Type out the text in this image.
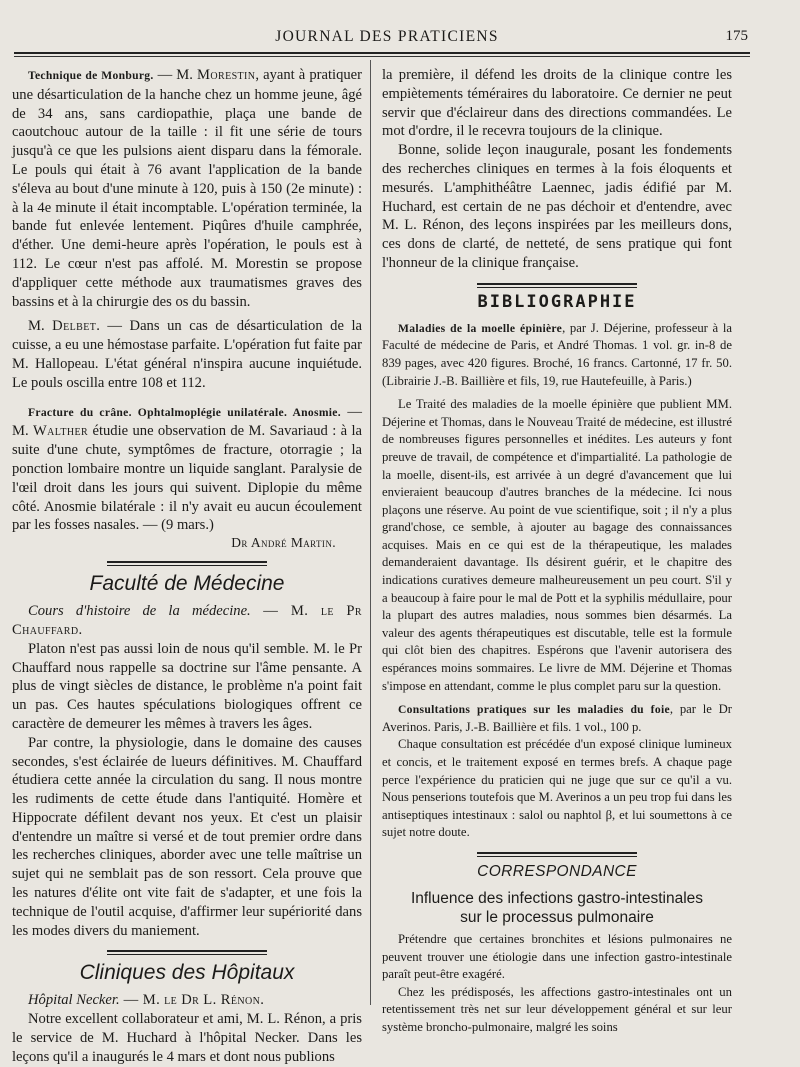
JOURNAL DES PRATICIENS	175

Technique de Monburg. — M. Morestin, ayant à pratiquer une désarticulation de la hanche chez un homme jeune, âgé de 34 ans, sans cardiopathie, plaça une bande de caoutchouc autour de la taille : il fit une série de tours jusqu'à ce que les pulsions aient disparu dans la fémorale. Le pouls qui était à 76 avant l'application de la bande s'éleva au bout d'une minute à 120, puis à 150 (2e minute) : à la 4e minute il était incomptable. L'opération terminée, la bande fut enlevée lentement. Piqûres d'huile camphrée, d'éther. Une demi-heure après l'opération, le pouls est à 112. Le cœur n'est pas affolé. M. Morestin se propose d'appliquer cette méthode aux traumatismes graves des bassins et à la chirurgie des os du bassin.

M. Delbet. — Dans un cas de désarticulation de la cuisse, a eu une hémostase parfaite. L'opération fut faite par M. Hallopeau. L'état général n'inspira aucune inquiétude. Le pouls oscilla entre 108 et 112.

Fracture du crâne. Ophtalmoplégie unilatérale. Anosmie. — M. Walther étudie une observation de M. Savariaud : à la suite d'une chute, symptômes de fracture, otorragie ; la ponction lombaire montre un liquide sanglant. Paralysie de l'œil droit dans les jours qui suivent. Diplopie du même côté. Anosmie bilatérale : il n'y avait eu aucun écoulement par les fosses nasales. — (9 mars.)

Dr André Martin.

Faculté de Médecine

Cours d'histoire de la médecine. — M. le Pr Chauffard.

Platon n'est pas aussi loin de nous qu'il semble. M. le Pr Chauffard nous rappelle sa doctrine sur l'âme pensante. A plus de vingt siècles de distance, le problème n'a point fait un pas. Ces hautes spéculations biologiques offrent ce caractère de demeurer les mêmes à travers les âges.

Par contre, la physiologie, dans le domaine des causes secondes, s'est éclairée de lueurs définitives. M. Chauffard étudiera cette année la circulation du sang. Il nous montre les rudiments de cette étude dans l'antiquité. Homère et Hippocrate défilent devant nos yeux. Et c'est un plaisir d'entendre un maître si versé et de tout premier ordre dans les recherches cliniques, aborder avec une telle maîtrise un sujet qui ne semblait pas de son ressort. Cela prouve que les natures d'élite ont vite fait de s'adapter, et une fois la technique de l'outil acquise, d'affirmer leur supériorité dans les modes divers du maniement.

Cliniques des Hôpitaux

Hôpital Necker. — M. le Dr L. Rénon.

Notre excellent collaborateur et ami, M. L. Rénon, a pris le service de M. Huchard à l'hôpital Necker. Dans les leçons qu'il a inaugurés le 4 mars et dont nous publions

la première, il défend les droits de la clinique contre les empiètements téméraires du laboratoire. Ce dernier ne peut servir que d'éclaireur dans des directions commandées. Le mot d'ordre, il le recevra toujours de la clinique.

Bonne, solide leçon inaugurale, posant les fondements des recherches cliniques en termes à la fois éloquents et mesurés. L'amphithéâtre Laennec, jadis édifié par M. Huchard, est certain de ne pas déchoir et d'entendre, avec M. L. Rénon, des leçons inspirées par les meilleurs dons, ces dons de clarté, de netteté, de sens pratique qui font l'honneur de la clinique française.

BIBLIOGRAPHIE

Maladies de la moelle épinière, par J. Déjerine, professeur à la Faculté de médecine de Paris, et André Thomas. 1 vol. gr. in-8 de 839 pages, avec 420 figures. Broché, 16 francs. Cartonné, 17 fr. 50. (Librairie J.-B. Baillière et fils, 19, rue Hautefeuille, à Paris.)

Le Traité des maladies de la moelle épinière que publient MM. Déjerine et Thomas, dans le Nouveau Traité de médecine, est illustré de nombreuses figures personnelles et inédites. Les auteurs y font preuve de travail, de compétence et d'impartialité. La pathologie de la moelle, disent-ils, est arrivée à un degré d'avancement que lui envieraient beaucoup d'autres branches de la médecine. Ici nous plaçons une réserve. Au point de vue scientifique, soit ; il n'y a plus grand'chose, ce semble, à ajouter au bagage des connaissances acquises. Mais en ce qui est de la thérapeutique, les malades demanderaient davantage. Ils désirent guérir, et le chapitre des indications curatives demeure malheureusement un peu court. S'il y a beaucoup à faire pour le mal de Pott et la syphilis médullaire, pour la plupart des autres maladies, nous sommes bien désarmés. La valeur des agents thérapeutiques est discutable, telle est la formule qui clôt bien des chapitres. Espérons que l'avenir autorisera des espérances moins sommaires. Le livre de MM. Déjerine et Thomas s'impose en attendant, comme le plus complet paru sur la question.

Consultations pratiques sur les maladies du foie, par le Dr Averinos. Paris, J.-B. Baillière et fils. 1 vol., 100 p.

Chaque consultation est précédée d'un exposé clinique lumineux et concis, et le traitement exposé en termes brefs. A chaque page perce l'expérience du praticien qui ne juge que sur ce qu'il a vu. Nous penserions toutefois que M. Averinos a un peu trop fui dans les antiseptiques intestinaux : salol ou naphtol β, et lui soumettons à ce sujet notre doute.

CORRESPONDANCE
Influence des infections gastro-intestinales
sur le processus pulmonaire

Prétendre que certaines bronchites et lésions pulmonaires ne peuvent trouver une étiologie dans une infection gastro-intestinale paraît peut-être exagéré.

Chez les prédisposés, les affections gastro-intestinales ont un retentissement très net sur leur développement général et sur leur système broncho-pulmonaire, malgré les soins
